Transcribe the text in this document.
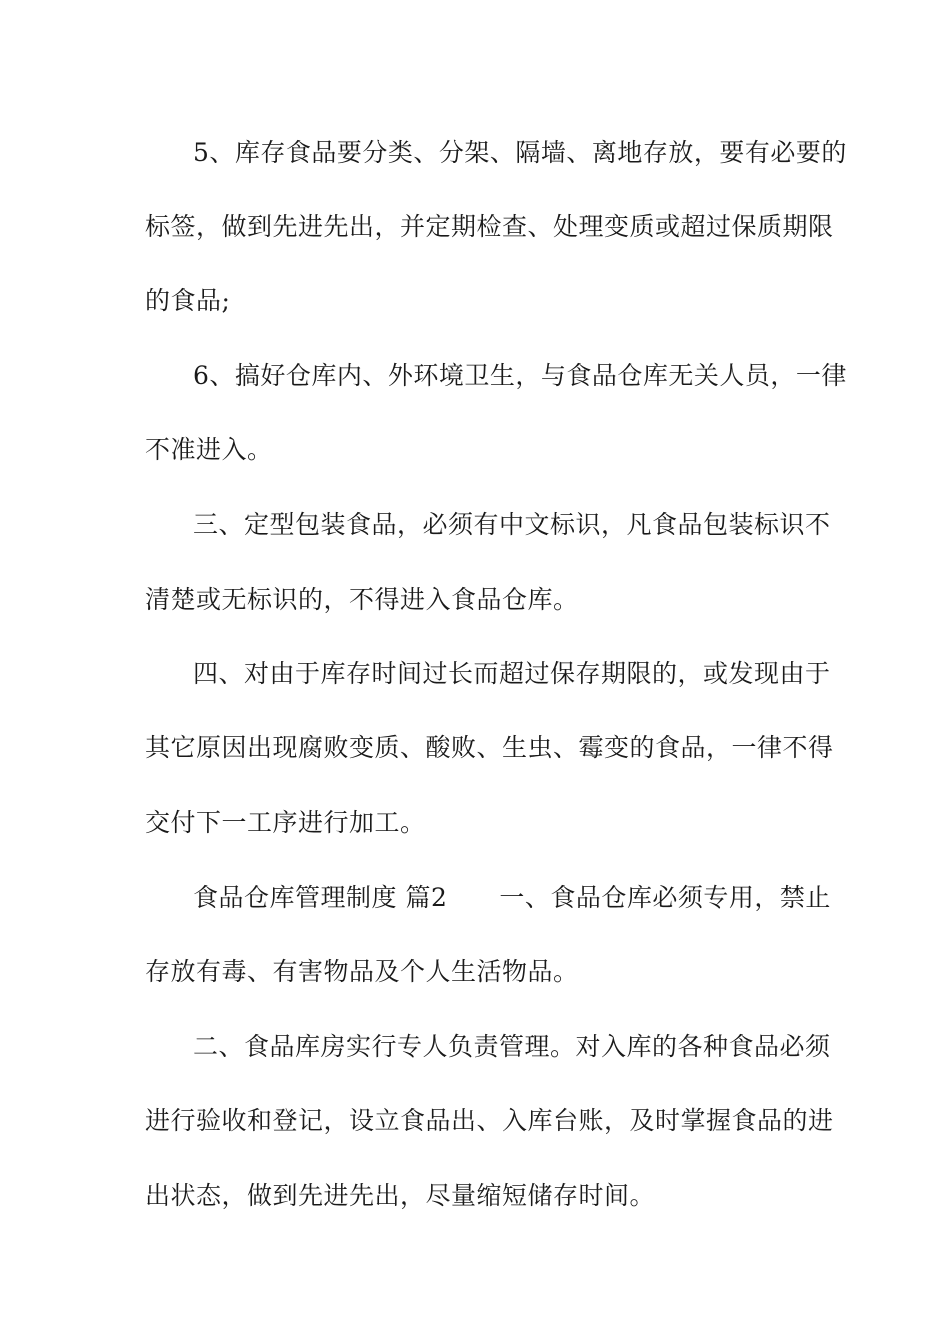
5、库存食品要分类、分架、隔墙、离地存放，要有必要的
标签，做到先进先出，并定期检查、处理变质或超过保质期限
的食品;
6、搞好仓库内、外环境卫生，与食品仓库无关人员，一律
不准进入。
三、定型包装食品，必须有中文标识，凡食品包装标识不
清楚或无标识的，不得进入食品仓库。
四、对由于库存时间过长而超过保存期限的，或发现由于
其它原因出现腐败变质、酸败、生虫、霉变的食品，一律不得
交付下一工序进行加工。
食品仓库管理制度 篇2 一、食品仓库必须专用，禁止
存放有毒、有害物品及个人生活物品。
二、食品库房实行专人负责管理。对入库的各种食品必须
进行验收和登记，设立食品出、入库台账，及时掌握食品的进
出状态，做到先进先出，尽量缩短储存时间。
